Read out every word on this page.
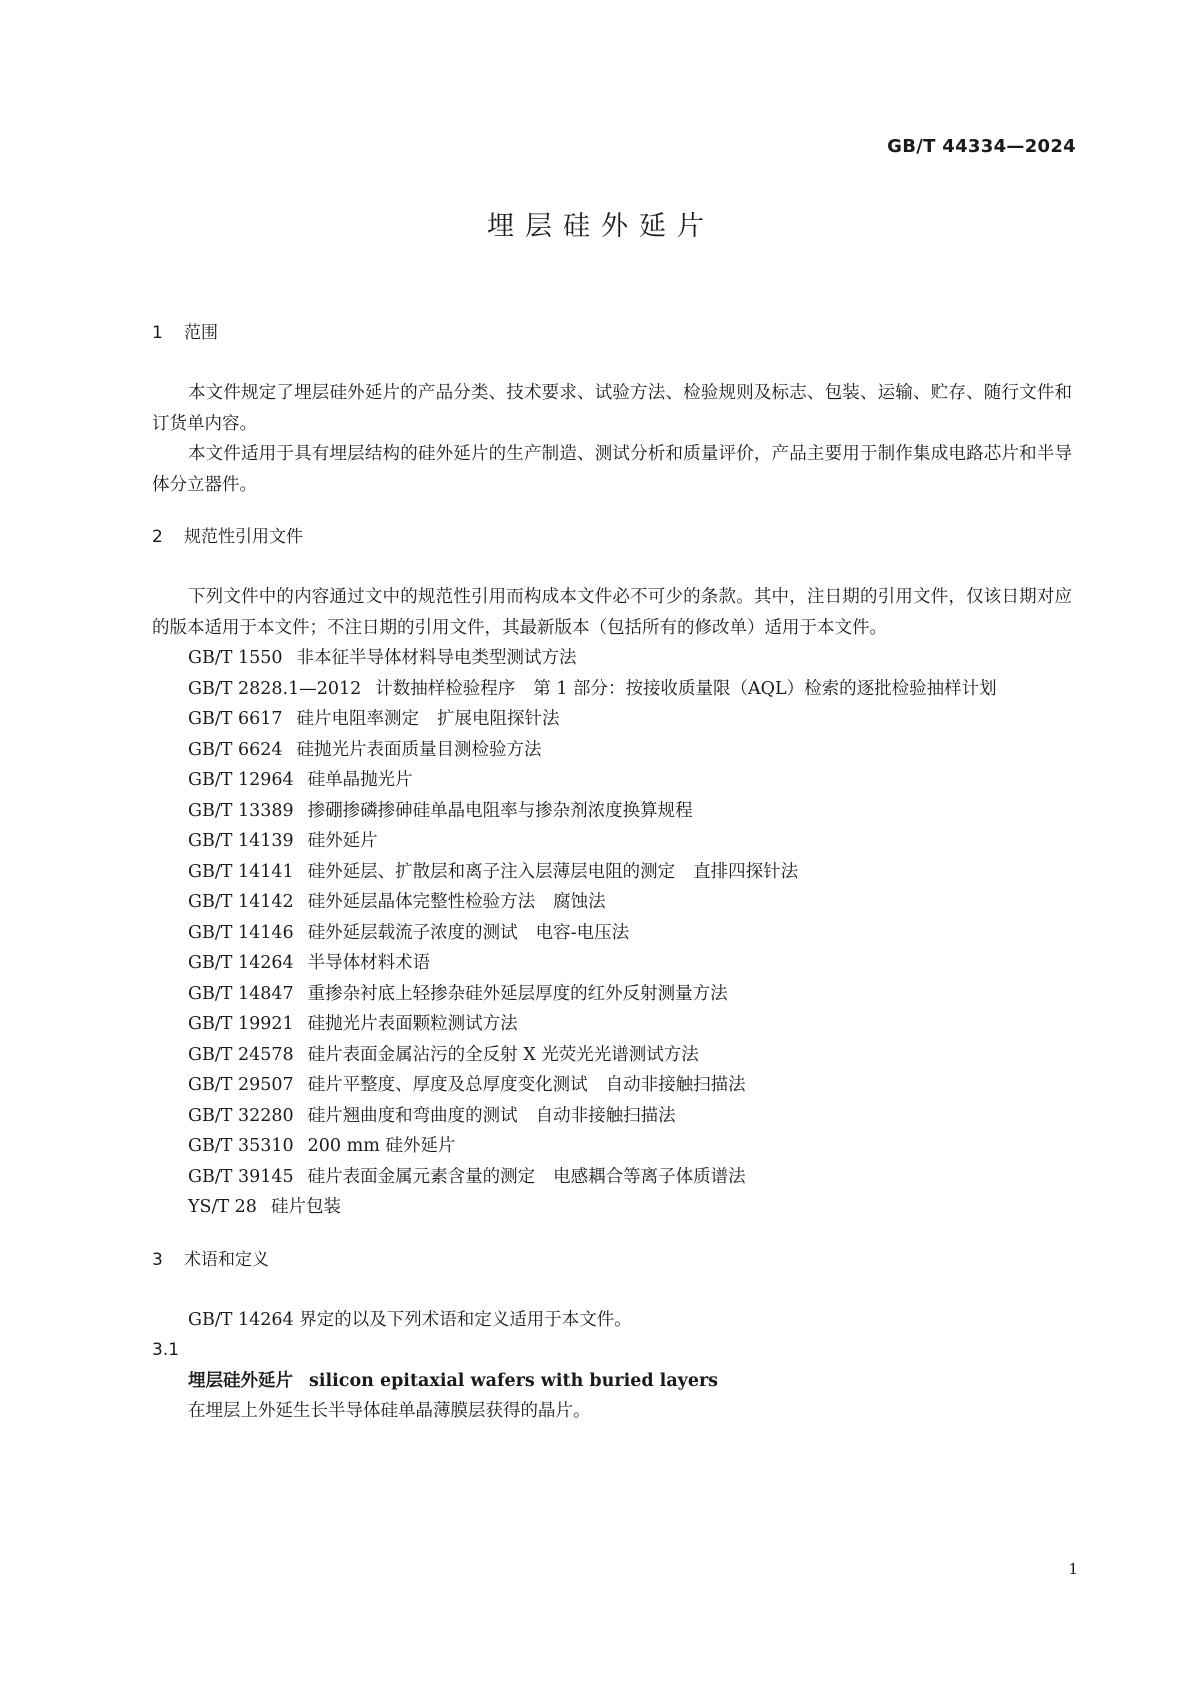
GB/T 44334—2024
埋层硅外延片
1 范围

本文件规定了埋层硅外延片的产品分类、技术要求、试验方法、检验规则及标志、包装、运输、贮存、随行文件和订货单内容。

本文件适用于具有埋层结构的硅外延片的生产制造、测试分析和质量评价，产品主要用于制作集成电路芯片和半导体分立器件。

2 规范性引用文件

下列文件中的内容通过文中的规范性引用而构成本文件必不可少的条款。其中，注日期的引用文件，仅该日期对应的版本适用于本文件；不注日期的引用文件，其最新版本（包括所有的修改单）适用于本文件。

GB/T 1550 非本征半导体材料导电类型测试方法
GB/T 2828.1—2012 计数抽样检验程序 第 1 部分：按接收质量限（AQL）检索的逐批检验抽样计划
GB/T 6617 硅片电阻率测定 扩展电阻探针法
GB/T 6624 硅抛光片表面质量目测检验方法
GB/T 12964 硅单晶抛光片
GB/T 13389 掺硼掺磷掺砷硅单晶电阻率与掺杂剂浓度换算规程
GB/T 14139 硅外延片
GB/T 14141 硅外延层、扩散层和离子注入层薄层电阻的测定 直排四探针法
GB/T 14142 硅外延层晶体完整性检验方法 腐蚀法
GB/T 14146 硅外延层载流子浓度的测试 电容-电压法
GB/T 14264 半导体材料术语
GB/T 14847 重掺杂衬底上轻掺杂硅外延层厚度的红外反射测量方法
GB/T 19921 硅抛光片表面颗粒测试方法
GB/T 24578 硅片表面金属沾污的全反射 X 光荧光光谱测试方法
GB/T 29507 硅片平整度、厚度及总厚度变化测试 自动非接触扫描法
GB/T 32280 硅片翘曲度和弯曲度的测试 自动非接触扫描法
GB/T 35310 200 mm 硅外延片
GB/T 39145 硅片表面金属元素含量的测定 电感耦合等离子体质谱法
YS/T 28 硅片包装
3 术语和定义

GB/T 14264 界定的以及下列术语和定义适用于本文件。

3.1
埋层硅外延片 silicon epitaxial wafers with buried layers
在埋层上外延生长半导体硅单晶薄膜层获得的晶片。
1
